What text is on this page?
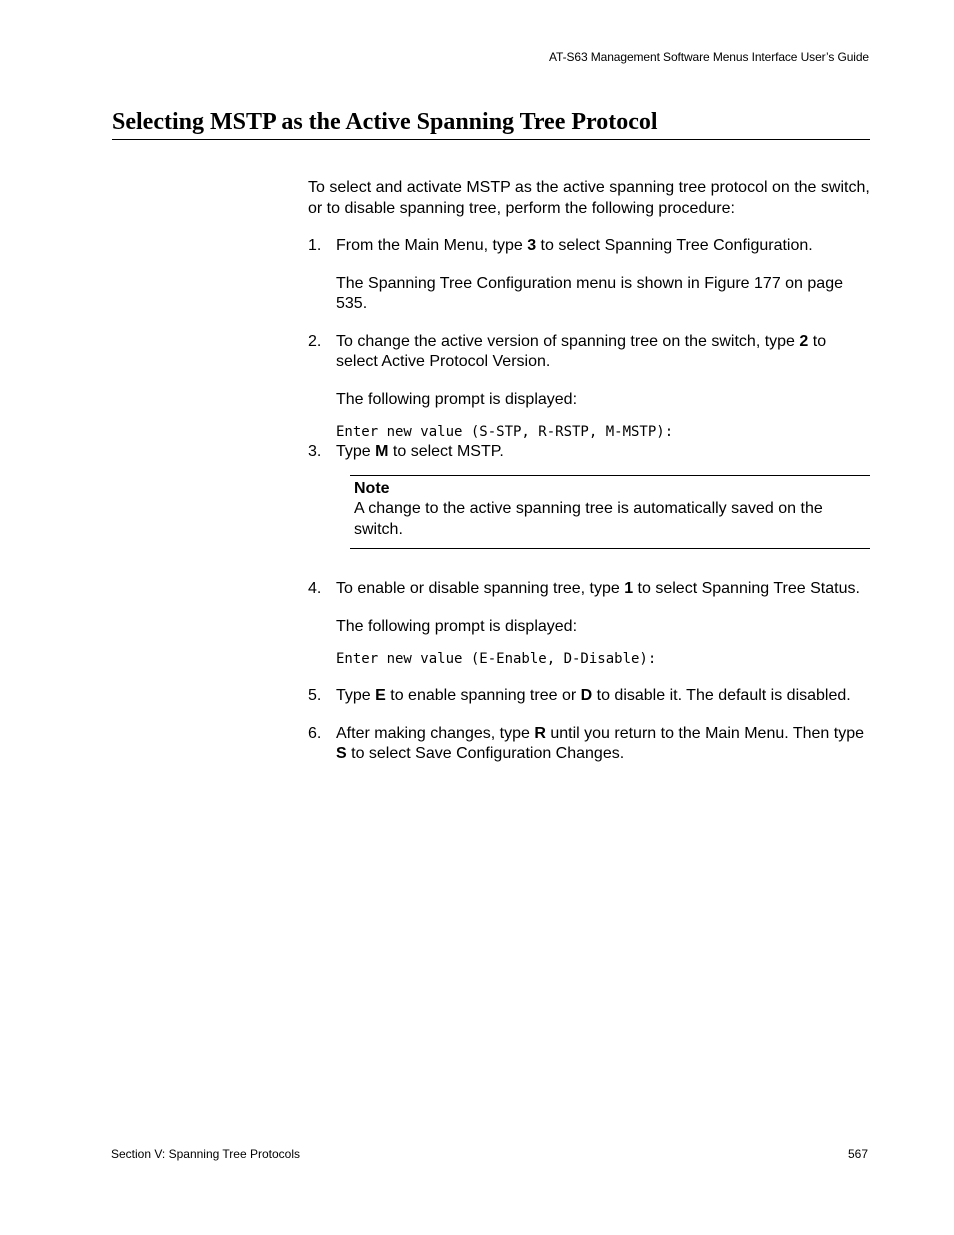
AT-S63 Management Software Menus Interface User’s Guide
Selecting MSTP as the Active Spanning Tree Protocol

To select and activate MSTP as the active spanning tree protocol on the switch, or to disable spanning tree, perform the following procedure:

1. From the Main Menu, type 3 to select Spanning Tree Configuration.

The Spanning Tree Configuration menu is shown in Figure 177 on page 535.

2. To change the active version of spanning tree on the switch, type 2 to select Active Protocol Version.

The following prompt is displayed:

Enter new value (S-STP, R-RSTP, M-MSTP):

3. Type M to select MSTP.
Note
A change to the active spanning tree is automatically saved on the switch.
4. To enable or disable spanning tree, type 1 to select Spanning Tree Status.

The following prompt is displayed:

Enter new value (E-Enable, D-Disable):

5. Type E to enable spanning tree or D to disable it. The default is disabled.
6. After making changes, type R until you return to the Main Menu. Then type S to select Save Configuration Changes.
Section V: Spanning Tree Protocols	567
